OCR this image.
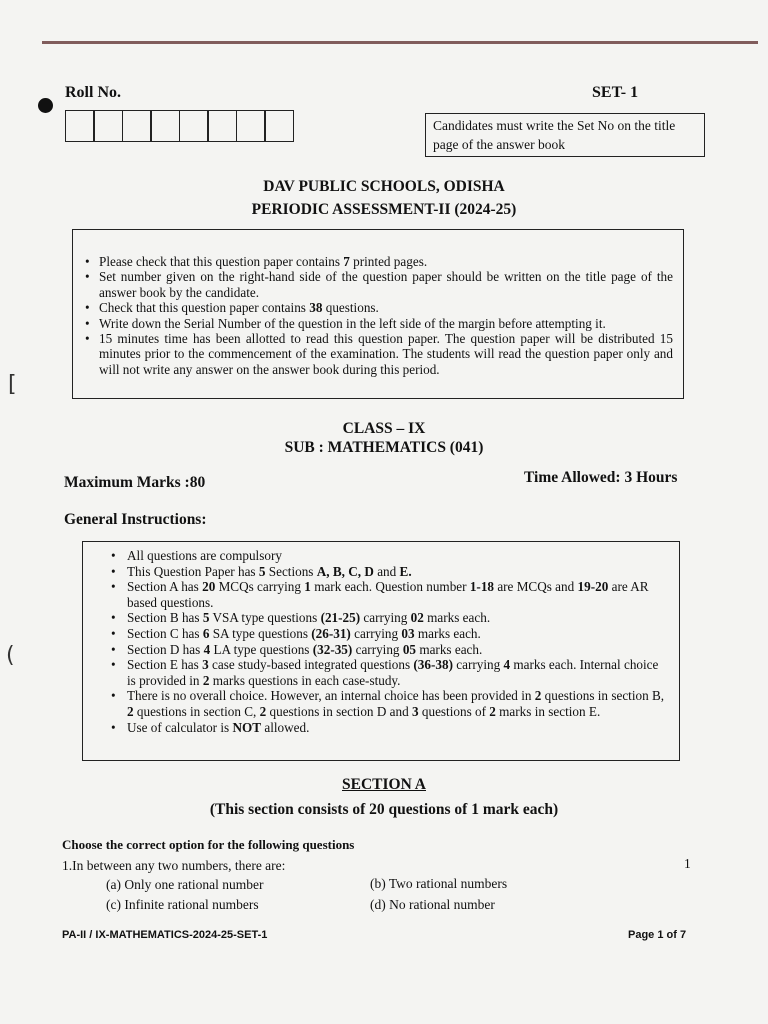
[
(
Roll No.	SET- 1
Candidates must write the Set No on the title page of the answer book
DAV PUBLIC SCHOOLS, ODISHA
PERIODIC ASSESSMENT-II (2024-25)
• Please check that this question paper contains 7 printed pages.
• Set number given on the right-hand side of the question paper should be written on the title page of the answer book by the candidate.
• Check that this question paper contains 38 questions.
• Write down the Serial Number of the question in the left side of the margin before attempting it.
• 15 minutes time has been allotted to read this question paper. The question paper will be distributed 15 minutes prior to the commencement of the examination. The students will read the question paper only and will not write any answer on the answer book during this period.
CLASS – IX
SUB : MATHEMATICS (041)
Maximum Marks :80	Time Allowed: 3 Hours
General Instructions:
• All questions are compulsory
• This Question Paper has 5 Sections A, B, C, D and E.
• Section A has 20 MCQs carrying 1 mark each. Question number 1-18 are MCQs and 19-20 are AR based questions.
• Section B has 5 VSA type questions (21-25) carrying 02 marks each.
• Section C has 6 SA type questions (26-31) carrying 03 marks each.
• Section D has 4 LA type questions (32-35) carrying 05 marks each.
• Section E has 3 case study-based integrated questions (36-38) carrying 4 marks each. Internal choice is provided in 2 marks questions in each case-study.
• There is no overall choice. However, an internal choice has been provided in 2 questions in section B, 2 questions in section C, 2 questions in section D and 3 questions of 2 marks in section E.
• Use of calculator is NOT allowed.
SECTION A
(This section consists of 20 questions of 1 mark each)
Choose the correct option for the following questions
1.In between any two numbers, there are:	1
(a) Only one rational number	(b) Two rational numbers
(c) Infinite rational numbers	(d) No rational number
PA-II / IX-MATHEMATICS-2024-25-SET-1	Page 1 of 7
